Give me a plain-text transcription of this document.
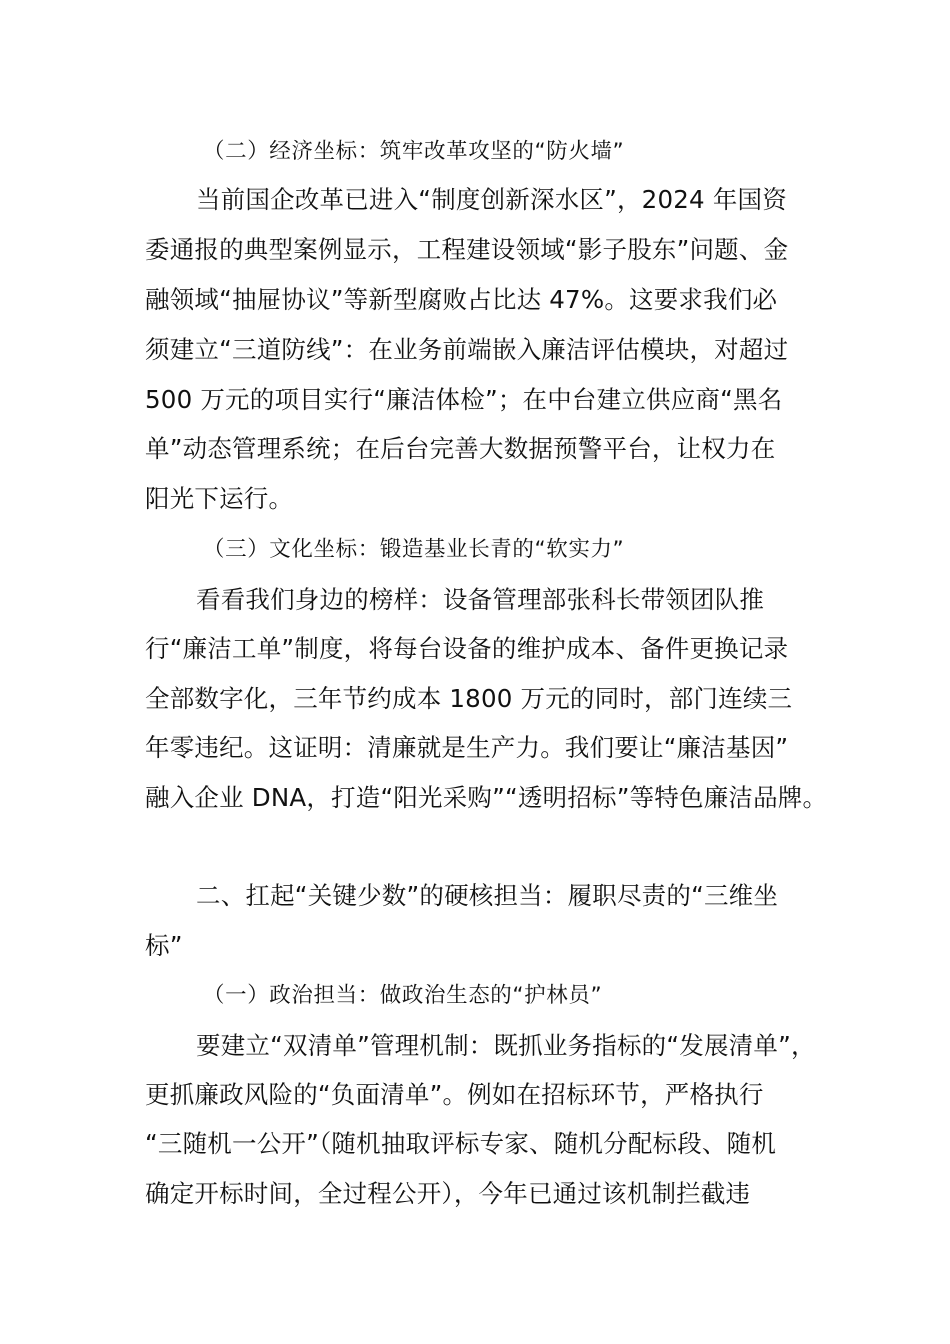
（二）经济坐标：筑牢改革攻坚的“防火墙”
当前国企改革已进入“制度创新深水区”，2024 年国资
委通报的典型案例显示，工程建设领域“影子股东”问题、金
融领域“抽屉协议”等新型腐败占比达 47%。这要求我们必
须建立“三道防线”：在业务前端嵌入廉洁评估模块，对超过
500 万元的项目实行“廉洁体检”；在中台建立供应商“黑名
单”动态管理系统；在后台完善大数据预警平台，让权力在
阳光下运行。
（三）文化坐标：锻造基业长青的“软实力”
看看我们身边的榜样：设备管理部张科长带领团队推
行“廉洁工单”制度，将每台设备的维护成本、备件更换记录
全部数字化，三年节约成本 1800 万元的同时，部门连续三
年零违纪。这证明：清廉就是生产力。我们要让“廉洁基因”
融入企业 DNA，打造“阳光采购”“透明招标”等特色廉洁品牌。
二、扛起“关键少数”的硬核担当：履职尽责的“三维坐
标”
（一）政治担当：做政治生态的“护林员”
要建立“双清单”管理机制：既抓业务指标的“发展清单”，
更抓廉政风险的“负面清单”。例如在招标环节，严格执行
“三随机一公开”（随机抽取评标专家、随机分配标段、随机
确定开标时间，全过程公开），今年已通过该机制拦截违
